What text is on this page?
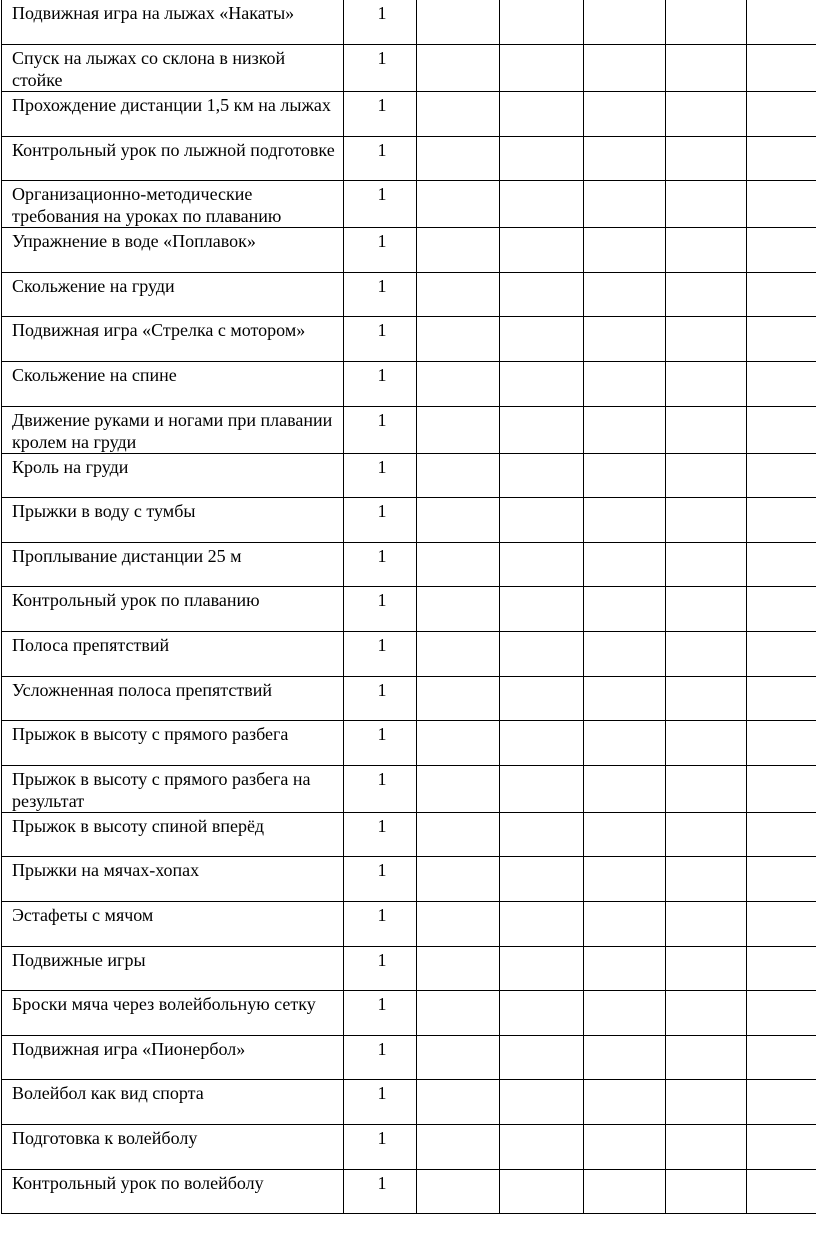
Подвижная игра на лыжах «Накаты»	1					
Спуск на лыжах со склона в низкой стойке	1					
Прохождение дистанции 1,5 км на лыжах	1					
Контрольный урок по лыжной подготовке	1					
Организационно-методические требования на уроках по плаванию	1					
Упражнение в воде «Поплавок»	1					
Скольжение на груди	1					
Подвижная игра «Стрелка с мотором»	1					
Скольжение на спине	1					
Движение руками и ногами при плавании кролем на груди	1					
Кроль на груди	1					
Прыжки в воду с тумбы	1					
Проплывание дистанции 25 м	1					
Контрольный урок по плаванию	1					
Полоса препятствий	1					
Усложненная полоса препятствий	1					
Прыжок в высоту с прямого разбега	1					
Прыжок в высоту с прямого разбега на результат	1					
Прыжок в высоту спиной вперёд	1					
Прыжки на мячах-хопах	1					
Эстафеты с мячом	1					
Подвижные игры	1					
Броски мяча через волейбольную сетку	1					
Подвижная игра «Пионербол»	1					
Волейбол как вид спорта	1					
Подготовка к волейболу	1					
Контрольный урок по волейболу	1					
